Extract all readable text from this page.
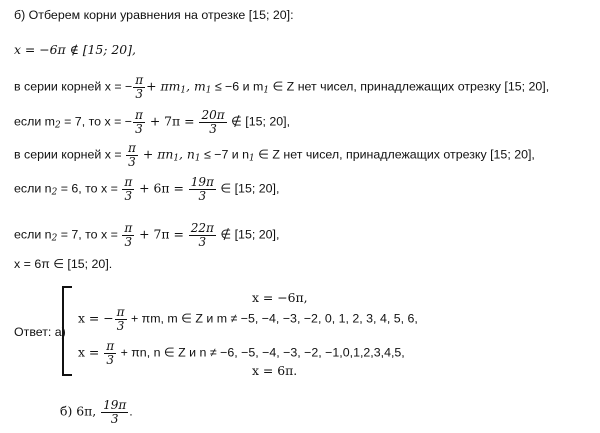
б) Отберем корни уравнения на отрезке [15; 20]:
x = −6π ∉ [15; 20],
в серии корней x = − $\frac{\pi}{3} + \pi m_1$, $m_1 \le -6$ и $m_1$ ∈ Z нет чисел, принадлежащих отрезку [15; 20],
если $m_2 = 7$, то x = − $\frac{\pi}{3} + 7\pi = \frac{20\pi}{3}$ ∉ [15; 20],
в серии корней $x = \frac{\pi}{3} + \pi n_1$, $n_1 \le -7$ и $n_1$ ∈ Z нет чисел, принадлежащих отрезку [15; 20],
если $n_2 = 6$, то $x = \frac{\pi}{3} + 6\pi = \frac{19\pi}{3}$ ∈ [15; 20],
если $n_2 = 7$, то $x = \frac{\pi}{3} + 7\pi = \frac{22\pi}{3}$ ∉ [15; 20],
x = 6π ∈ [15; 20].
Ответ: а)
x = −6π,
x = − $\frac{\pi}{3} + \pi m$, m ∈ Z и m ≠ −5, −4, −3, −2, 0, 1, 2, 3, 4, 5, 6,
$x = \frac{\pi}{3} + \pi n$, n ∈ Z и n ≠ −6, −5, −4, −3, −2, −1,0,1,2,3,4,5,
x = 6π.
б) 6π, $\frac{19\pi}{3}$ .
